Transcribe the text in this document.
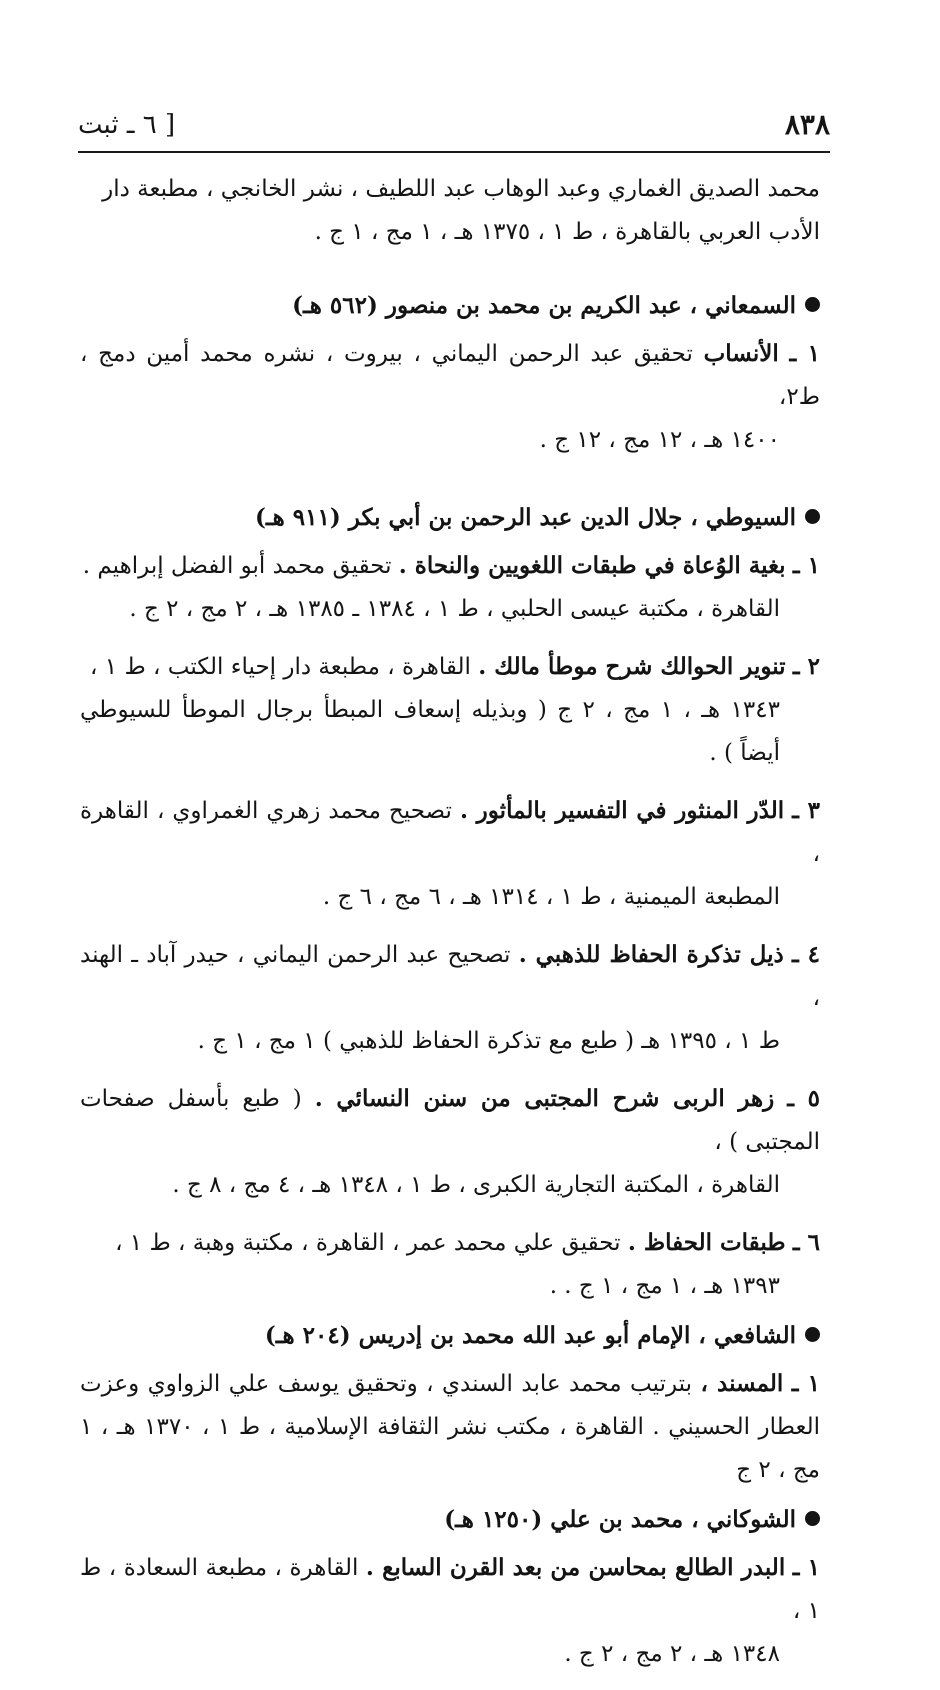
٨٣٨
[ ٦ ـ ثبت

محمد الصديق الغماري وعبد الوهاب عبد اللطيف ، نشر الخانجي ، مطبعة دار
الأدب العربي بالقاهرة ، ط ١ ، ١٣٧٥ هـ ، ١ مج ، ١ ج .

السمعاني ، عبد الكريم بن محمد بن منصور (٥٦٢ هـ)
١ ـ الأنساب تحقيق عبد الرحمن اليماني ، بيروت ، نشره محمد أمين دمج ، ط٢،
١٤٠٠ هـ ، ١٢ مج ، ١٢ ج .
السيوطي ، جلال الدين عبد الرحمن بن أبي بكر (٩١١ هـ)
١ ـ بغية الوُعاة في طبقات اللغويين والنحاة . تحقيق محمد أبو الفضل إبراهيم .
القاهرة ، مكتبة عيسى الحلبي ، ط ١ ، ١٣٨٤ ـ ١٣٨٥ هـ ، ٢ مج ، ٢ ج .
٢ ـ تنوير الحوالك شرح موطأ مالك . القاهرة ، مطبعة دار إحياء الكتب ، ط ١ ،
١٣٤٣ هـ ، ١ مج ، ٢ ج ( وبذيله إسعاف المبطأ برجال الموطأ للسيوطي أيضاً ) .
٣ ـ الدّر المنثور في التفسير بالمأثور . تصحيح محمد زهري الغمراوي ، القاهرة ،
المطبعة الميمنية ، ط ١ ، ١٣١٤ هـ ، ٦ مج ، ٦ ج .
٤ ـ ذيل تذكرة الحفاظ للذهبي . تصحيح عبد الرحمن اليماني ، حيدر آباد ـ الهند ،
ط ١ ، ١٣٩٥ هـ ( طبع مع تذكرة الحفاظ للذهبي ) ١ مج ، ١ ج .
٥ ـ زهر الربى شرح المجتبى من سنن النسائي . ( طبع بأسفل صفحات المجتبى ) ،
القاهرة ، المكتبة التجارية الكبرى ، ط ١ ، ١٣٤٨ هـ ، ٤ مج ، ٨ ج .
٦ ـ طبقات الحفاظ . تحقيق علي محمد عمر ، القاهرة ، مكتبة وهبة ، ط ١ ،
١٣٩٣ هـ ، ١ مج ، ١ ج . .
الشافعي ، الإمام أبو عبد الله محمد بن إدريس (٢٠٤ هـ)
١ ـ المسند ، بترتيب محمد عابد السندي ، وتحقيق يوسف علي الزواوي وعزت العطار الحسيني . القاهرة ، مكتب نشر الثقافة الإسلامية ، ط ١ ، ١٣٧٠ هـ ، ١ مج ، ٢ ج
الشوكاني ، محمد بن علي (١٢٥٠ هـ)
١ ـ البدر الطالع بمحاسن من بعد القرن السابع . القاهرة ، مطبعة السعادة ، ط ١ ،
١٣٤٨ هـ ، ٢ مج ، ٢ ج .
